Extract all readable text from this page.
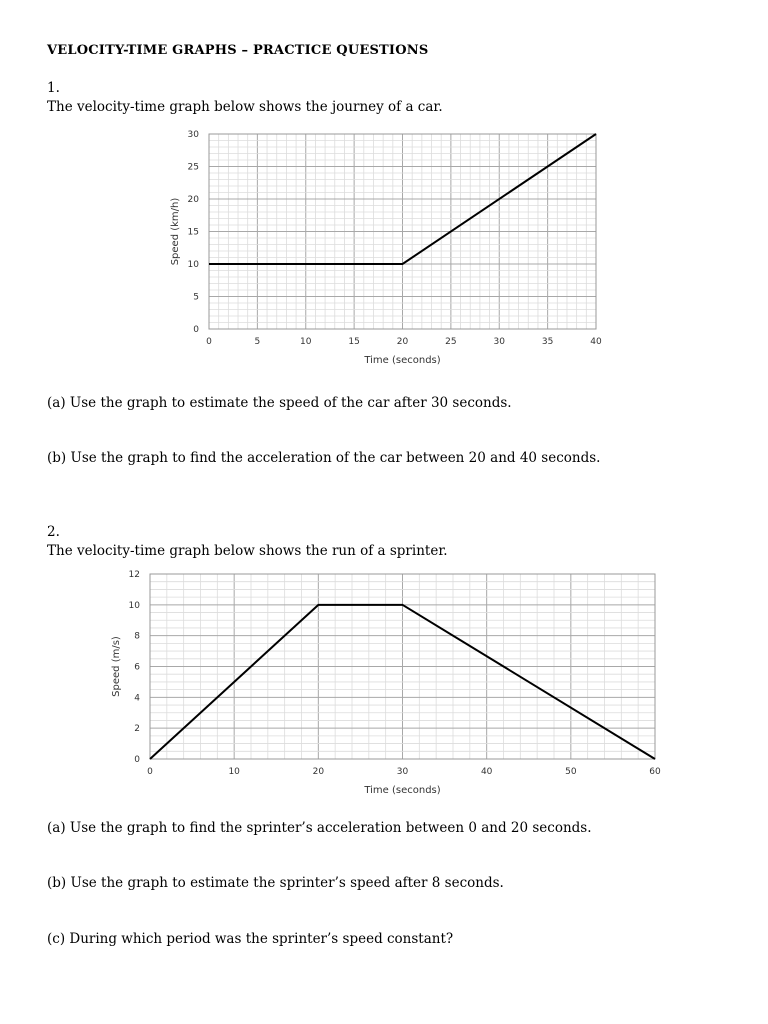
VELOCITY-TIME GRAPHS – PRACTICE QUESTIONS
1.
The velocity-time graph below shows the journey of a car.
0	5	10	15	20	25	30	35	40
0
5
10
15
20
25
30
Time (seconds)
Speed (km/h)
(a) Use the graph to estimate the speed of the car after 30 seconds.
(b) Use the graph to find the acceleration of the car between 20 and 40 seconds.
2.
The velocity-time graph below shows the run of a sprinter.
0	10	20	30	40	50	60
0
2
4
6
8
10
12
Time (seconds)
Speed (m/s)
(a) Use the graph to find the sprinter’s acceleration between 0 and 20 seconds.
(b) Use the graph to estimate the sprinter’s speed after 8 seconds.
(c) During which period was the sprinter’s speed constant?
